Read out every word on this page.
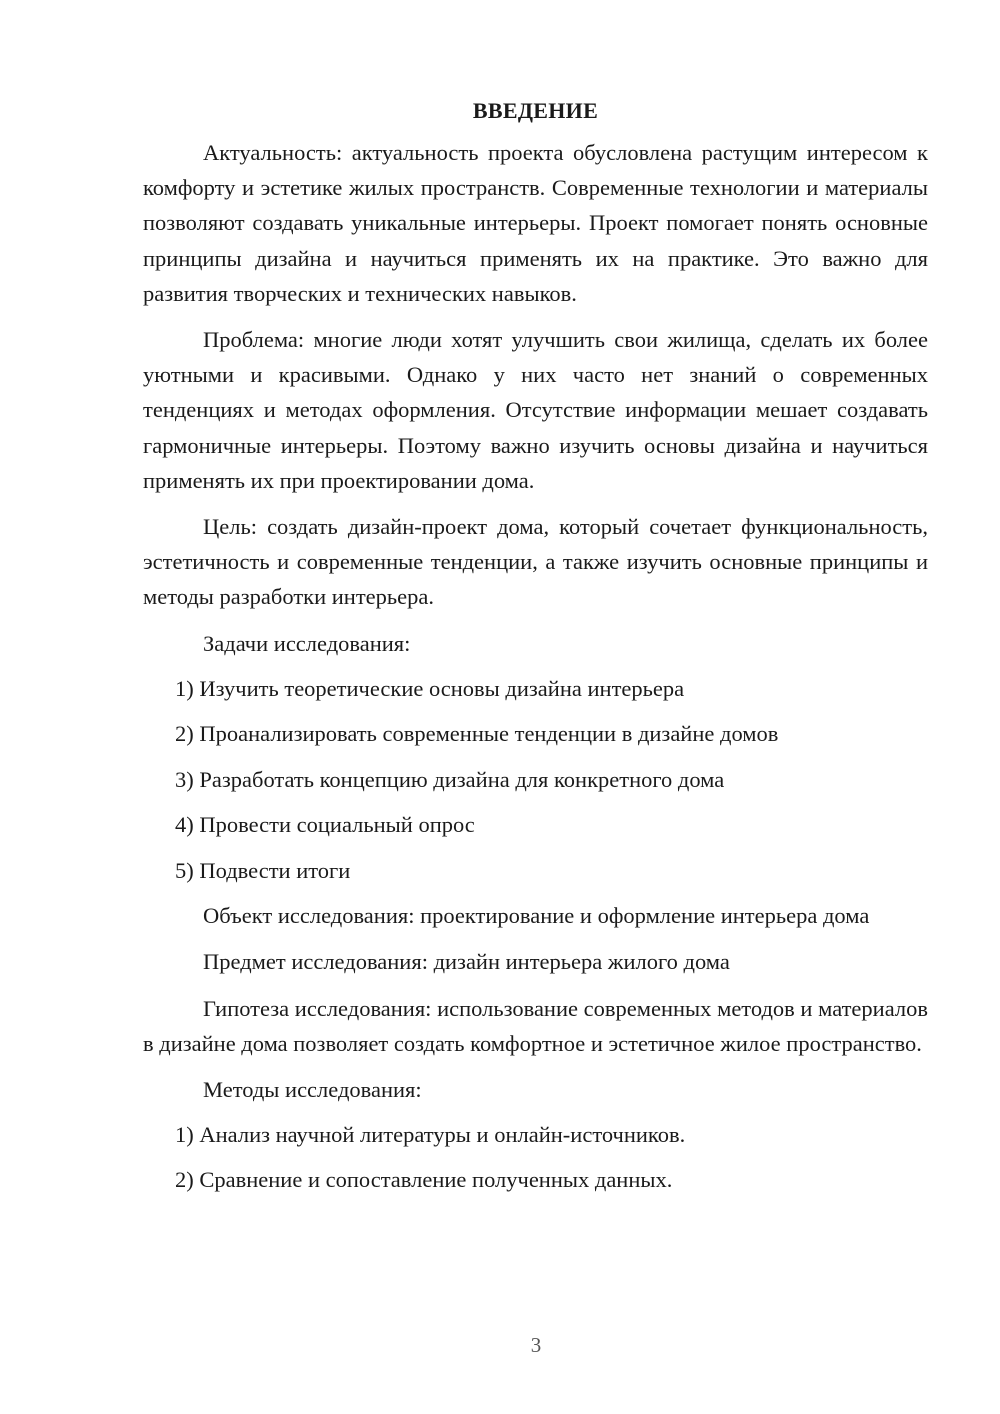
ВВЕДЕНИЕ

Актуальность: актуальность проекта обусловлена растущим интересом к комфорту и эстетике жилых пространств. Современные технологии и материалы позволяют создавать уникальные интерьеры. Проект помогает понять основные принципы дизайна и научиться применять их на практике. Это важно для развития творческих и технических навыков.

Проблема: многие люди хотят улучшить свои жилища, сделать их более уютными и красивыми. Однако у них часто нет знаний о современных тенденциях и методах оформления. Отсутствие информации мешает создавать гармоничные интерьеры. Поэтому важно изучить основы дизайна и научиться применять их при проектировании дома.

Цель: создать дизайн-проект дома, который сочетает функциональность, эстетичность и современные тенденции, а также изучить основные принципы и методы разработки интерьера.

Задачи исследования:

1) Изучить теоретические основы дизайна интерьера

2) Проанализировать современные тенденции в дизайне домов

3) Разработать концепцию дизайна для конкретного дома

4) Провести социальный опрос

5) Подвести итоги

Объект исследования: проектирование и оформление интерьера дома

Предмет исследования: дизайн интерьера жилого дома

Гипотеза исследования: использование современных методов и материалов в дизайне дома позволяет создать комфортное и эстетичное жилое пространство.

Методы исследования:

1) Анализ научной литературы и онлайн-источников.

2) Сравнение и сопоставление полученных данных.

3
